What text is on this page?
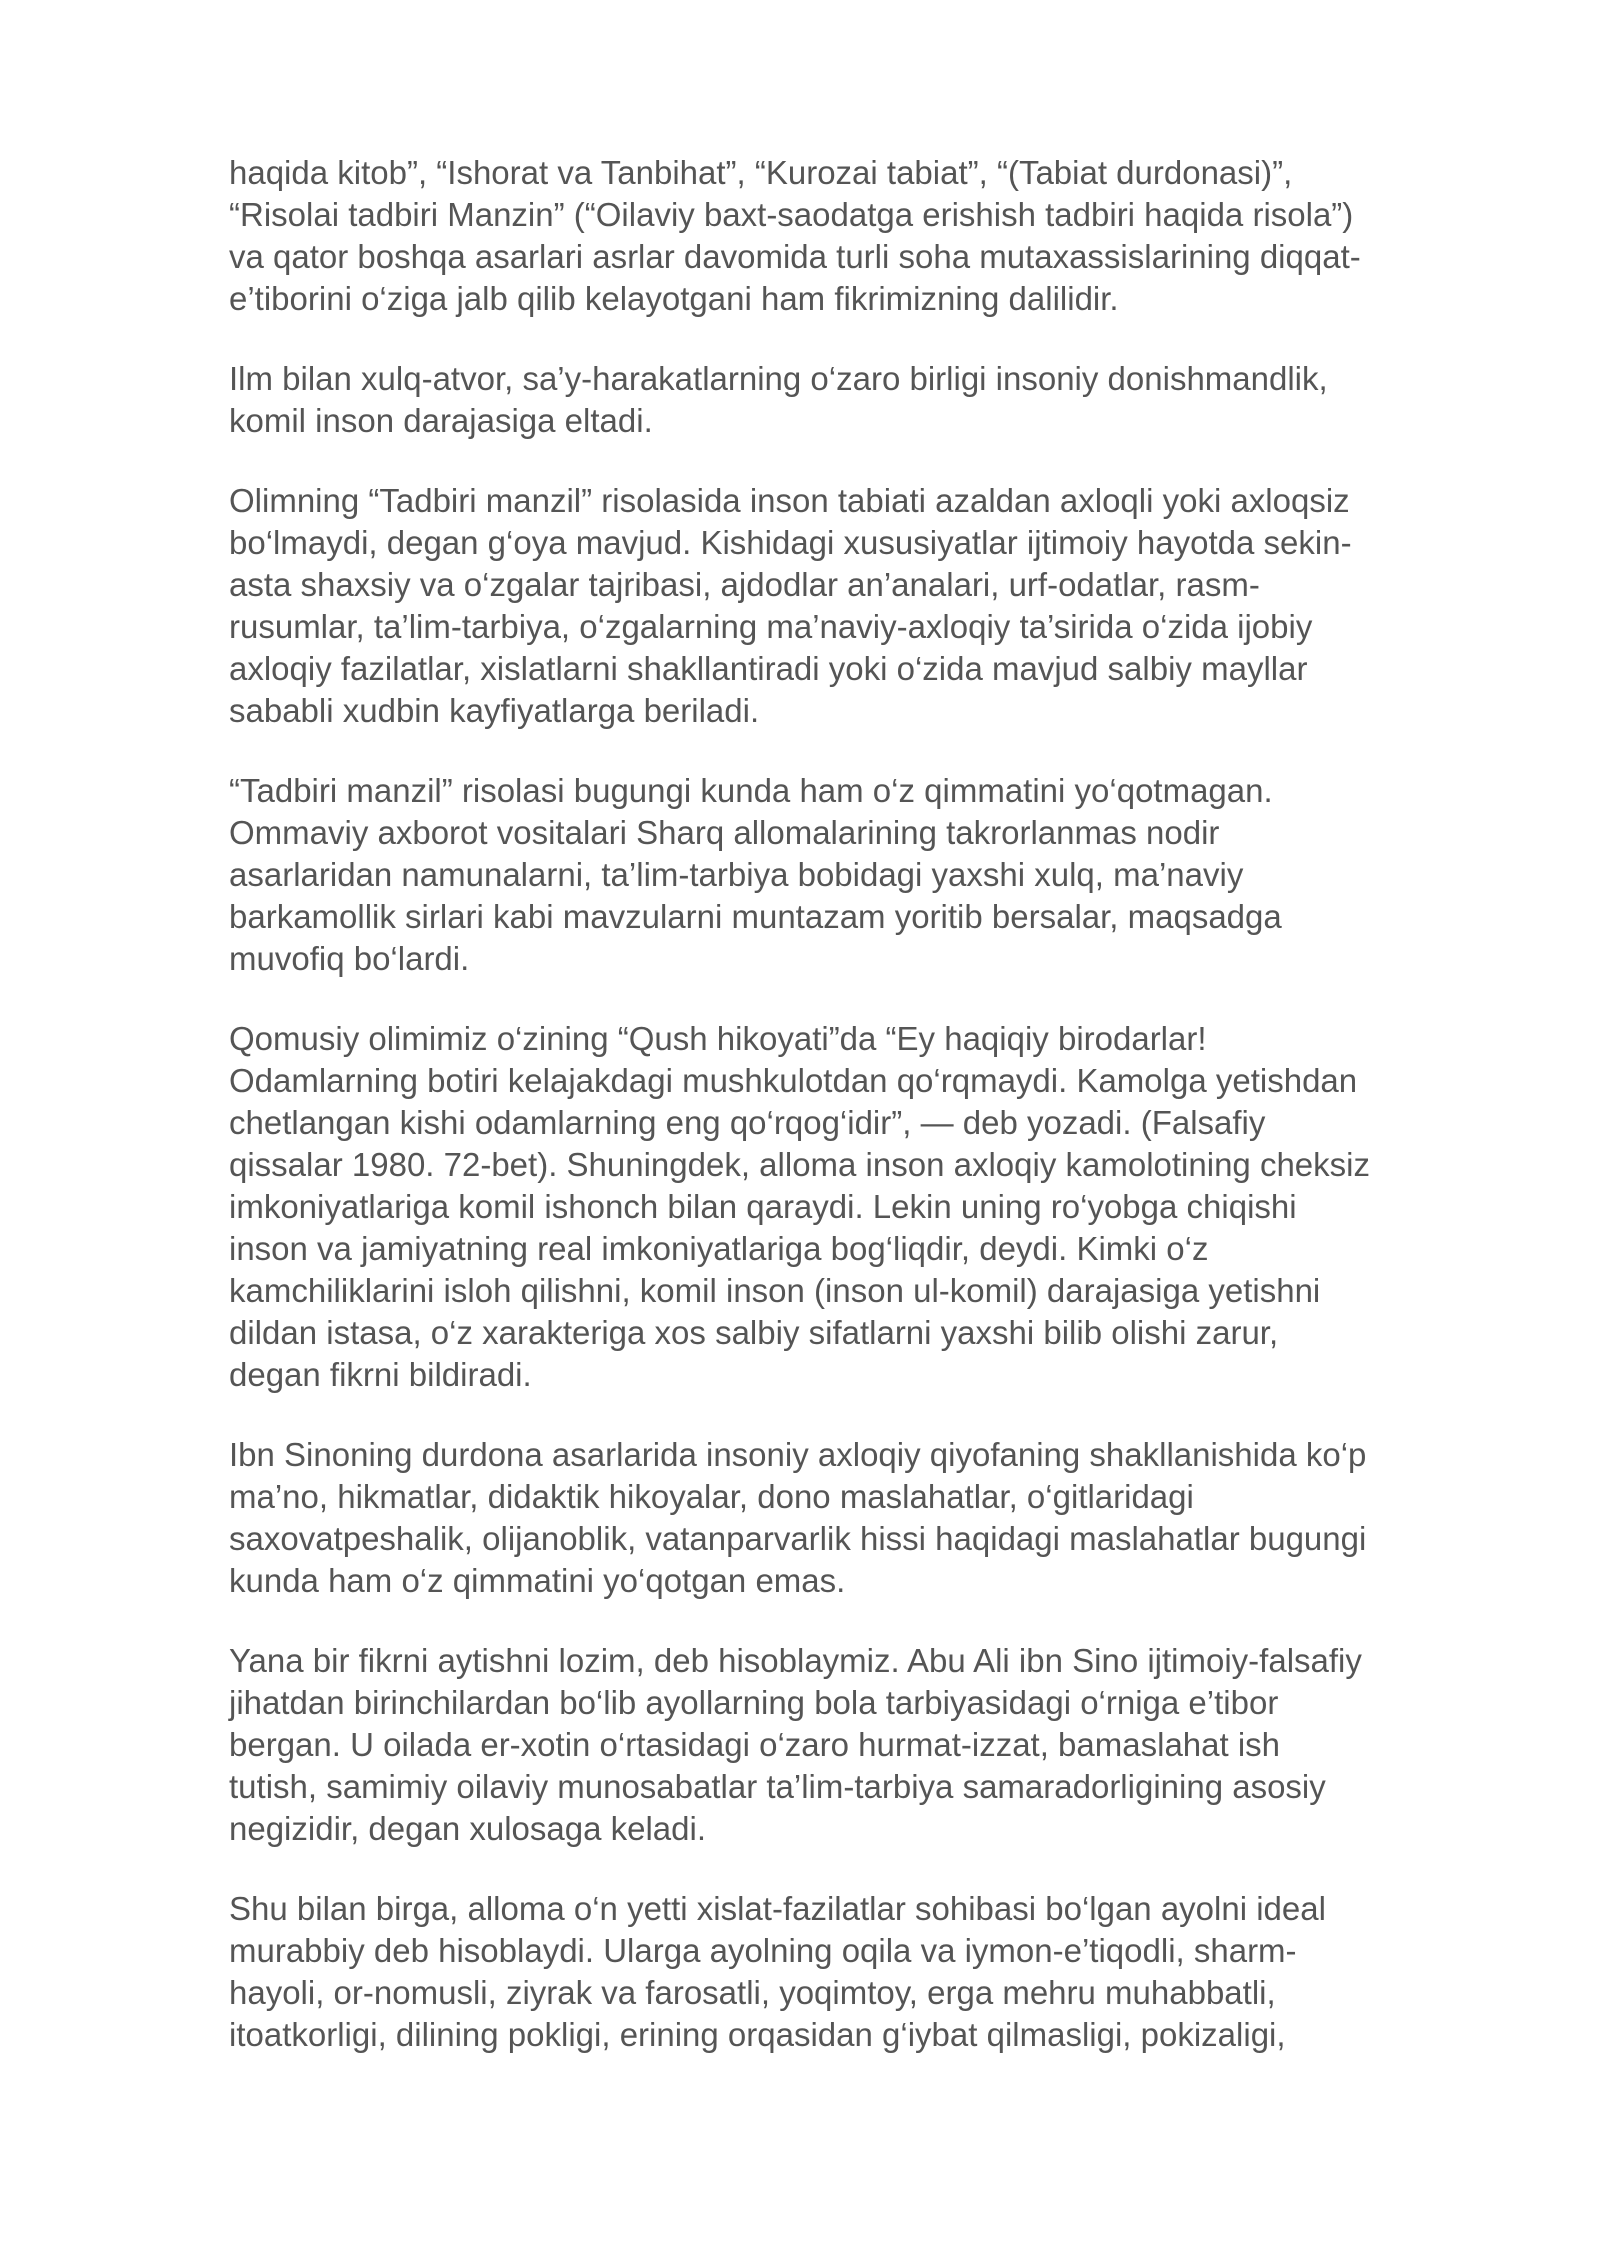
haqida kitob”, “Ishorat va Tanbihat”, “Kurozai tabiat”, “(Tabiat durdonasi)”,
“Risolai tadbiri Manzin” (“Oilaviy baxt-saodatga erishish tadbiri haqida risola”)
va qator boshqa asarlari asrlar davomida turli soha mutaxassislarining diqqat-
e’tiborini o‘ziga jalb qilib kelayotgani ham fikrimizning dalilidir.

Ilm bilan xulq-atvor, sa’y-harakatlarning o‘zaro birligi insoniy donishmandlik,
komil inson darajasiga eltadi.

Olimning “Tadbiri manzil” risolasida inson tabiati azaldan axloqli yoki axloqsiz
bo‘lmaydi, degan g‘oya mavjud. Kishidagi xususiyatlar ijtimoiy hayotda sekin-
asta shaxsiy va o‘zgalar tajribasi, ajdodlar an’analari, urf-odatlar, rasm-
rusumlar, ta’lim-tarbiya, o‘zgalarning ma’naviy-axloqiy ta’sirida o‘zida ijobiy
axloqiy fazilatlar, xislatlarni shakllantiradi yoki o‘zida mavjud salbiy mayllar
sababli xudbin kayfiyatlarga beriladi.

“Tadbiri manzil” risolasi bugungi kunda ham o‘z qimmatini yo‘qotmagan.
Ommaviy axborot vositalari Sharq allomalarining takrorlanmas nodir
asarlaridan namunalarni, ta’lim-tarbiya bobidagi yaxshi xulq, ma’naviy
barkamollik sirlari kabi mavzularni muntazam yoritib bersalar, maqsadga
muvofiq bo‘lardi.

Qomusiy olimimiz o‘zining “Qush hikoyati”da “Ey haqiqiy birodarlar!
Odamlarning botiri kelajakdagi mushkulotdan qo‘rqmaydi. Kamolga yetishdan
chetlangan kishi odamlarning eng qo‘rqog‘idir”, — deb yozadi. (Falsafiy
qissalar 1980. 72-bet). Shuningdek, alloma inson axloqiy kamolotining cheksiz
imkoniyatlariga komil ishonch bilan qaraydi. Lekin uning ro‘yobga chiqishi
inson va jamiyatning real imkoniyatlariga bog‘liqdir, deydi. Kimki o‘z
kamchiliklarini isloh qilishni, komil inson (inson ul-komil) darajasiga yetishni
dildan istasa, o‘z xarakteriga xos salbiy sifatlarni yaxshi bilib olishi zarur,
degan fikrni bildiradi.

Ibn Sinoning durdona asarlarida insoniy axloqiy qiyofaning shakllanishida ko‘p
ma’no, hikmatlar, didaktik hikoyalar, dono maslahatlar, o‘gitlaridagi
saxovatpeshalik, olijanoblik, vatanparvarlik hissi haqidagi maslahatlar bugungi
kunda ham o‘z qimmatini yo‘qotgan emas.

Yana bir fikrni aytishni lozim, deb hisoblaymiz. Abu Ali ibn Sino ijtimoiy-falsafiy
jihatdan birinchilardan bo‘lib ayollarning bola tarbiyasidagi o‘rniga e’tibor
bergan. U oilada er-xotin o‘rtasidagi o‘zaro hurmat-izzat, bamaslahat ish
tutish, samimiy oilaviy munosabatlar ta’lim-tarbiya samaradorligining asosiy
negizidir, degan xulosaga keladi.

Shu bilan birga, alloma o‘n yetti xislat-fazilatlar sohibasi bo‘lgan ayolni ideal
murabbiy deb hisoblaydi. Ularga ayolning oqila va iymon-e’tiqodli, sharm-
hayoli, or-nomusli, ziyrak va farosatli, yoqimtoy, erga mehru muhabbatli,
itoatkorligi, dilining pokligi, erining orqasidan g‘iybat qilmasligi, pokizaligi,
